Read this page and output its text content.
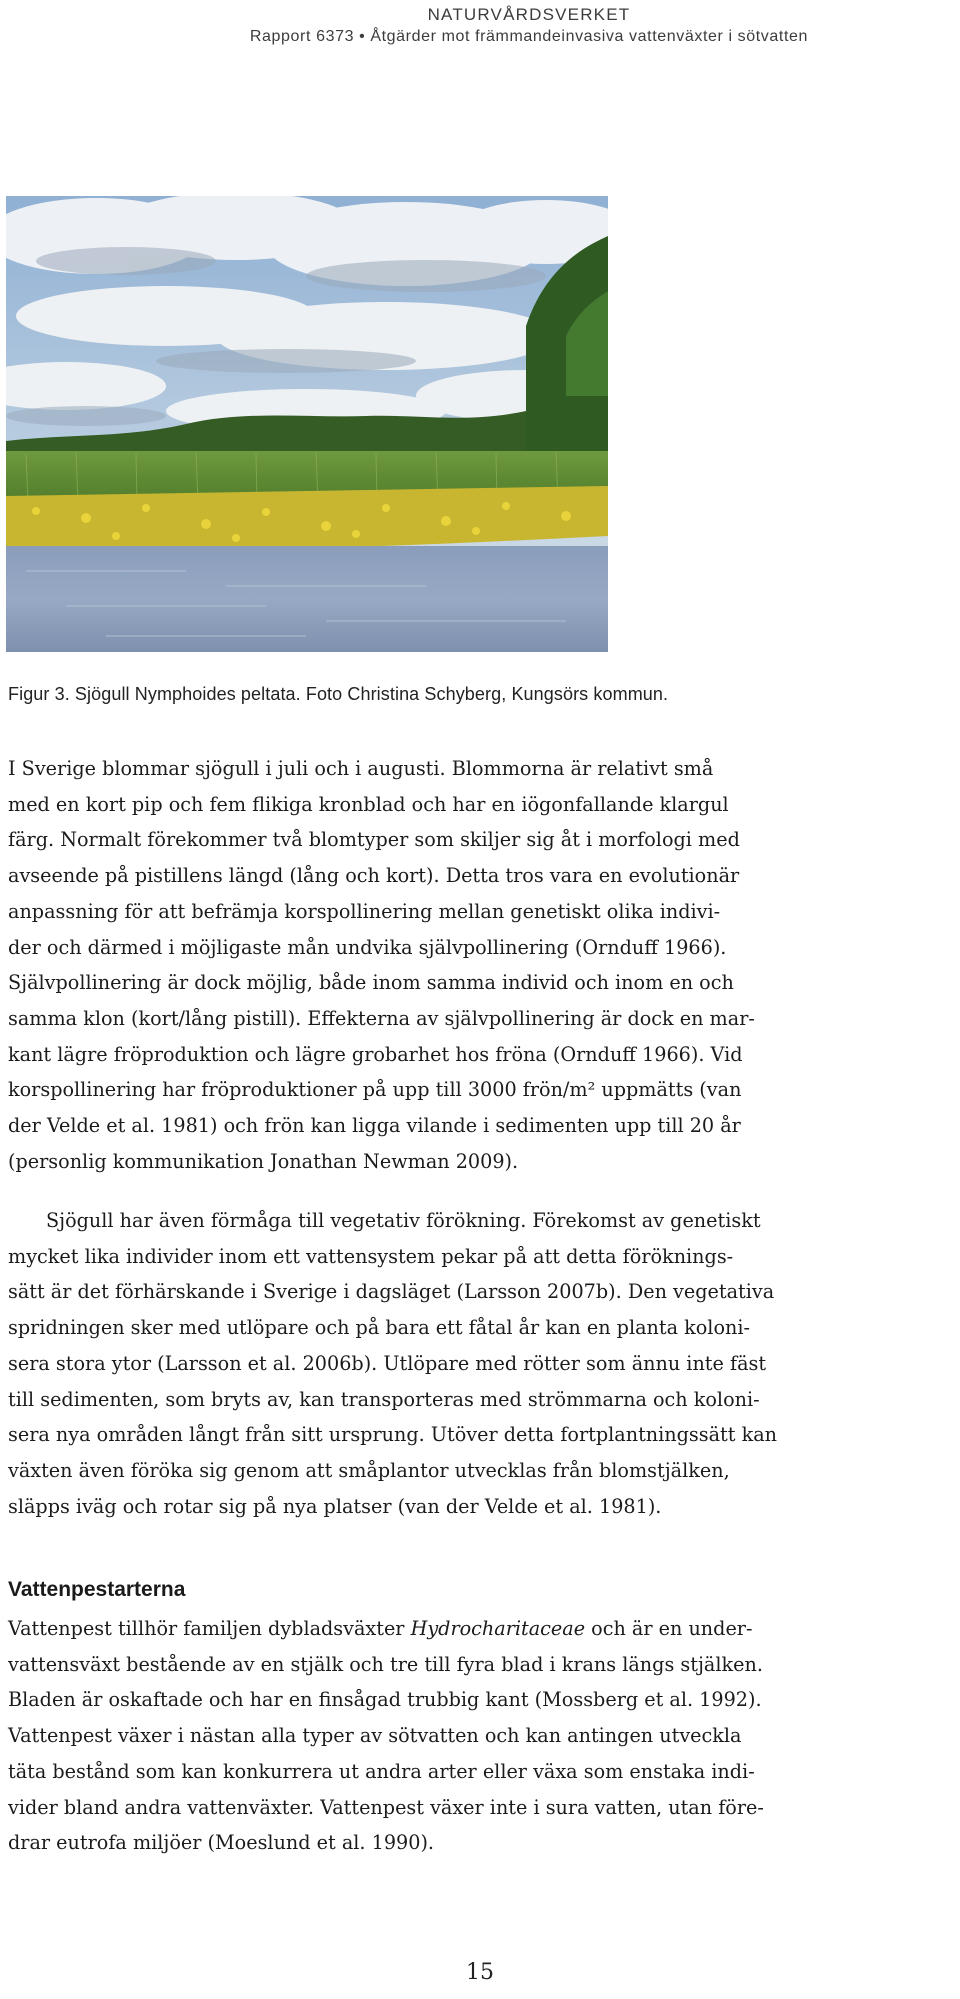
NATURVÅRDSVERKET
Rapport 6373 • Åtgärder mot främmandeinvasiva vattenväxter i sötvatten
Figur 3. Sjögull Nymphoides peltata. Foto Christina Schyberg, Kungsörs kommun.
I Sverige blommar sjögull i juli och i augusti. Blommorna är relativt små
med en kort pip och fem flikiga kronblad och har en iögonfallande klargul
färg. Normalt förekommer två blomtyper som skiljer sig åt i morfologi med
avseende på pistillens längd (lång och kort). Detta tros vara en evolutionär
anpassning för att befrämja korspollinering mellan genetiskt olika indivi-
der och därmed i möjligaste mån undvika självpollinering (Ornduff 1966).
Självpollinering är dock möjlig, både inom samma individ och inom en och
samma klon (kort/lång pistill). Effekterna av självpollinering är dock en mar-
kant lägre fröproduktion och lägre grobarhet hos fröna (Ornduff 1966). Vid
korspollinering har fröproduktioner på upp till 3000 frön/m² uppmätts (van
der Velde et al. 1981) och frön kan ligga vilande i sedimenten upp till 20 år
(personlig kommunikation Jonathan Newman 2009).
Sjögull har även förmåga till vegetativ förökning. Förekomst av genetiskt
mycket lika individer inom ett vattensystem pekar på att detta föröknings-
sätt är det förhärskande i Sverige i dagsläget (Larsson 2007b). Den vegetativa
spridningen sker med utlöpare och på bara ett fåtal år kan en planta koloni-
sera stora ytor (Larsson et al. 2006b). Utlöpare med rötter som ännu inte fäst
till sedimenten, som bryts av, kan transporteras med strömmarna och koloni-
sera nya områden långt från sitt ursprung. Utöver detta fortplantningssätt kan
växten även föröka sig genom att småplantor utvecklas från blomstjälken,
släpps iväg och rotar sig på nya platser (van der Velde et al. 1981).
Vattenpestarterna
Vattenpest tillhör familjen dybladsväxter Hydrocharitaceae och är en under-
vattensväxt bestående av en stjälk och tre till fyra blad i krans längs stjälken.
Bladen är oskaftade och har en finsågad trubbig kant (Mossberg et al. 1992).
Vattenpest växer i nästan alla typer av sötvatten och kan antingen utveckla
täta bestånd som kan konkurrera ut andra arter eller växa som enstaka indi-
vider bland andra vattenväxter. Vattenpest växer inte i sura vatten, utan före-
drar eutrofa miljöer (Moeslund et al. 1990).
15
